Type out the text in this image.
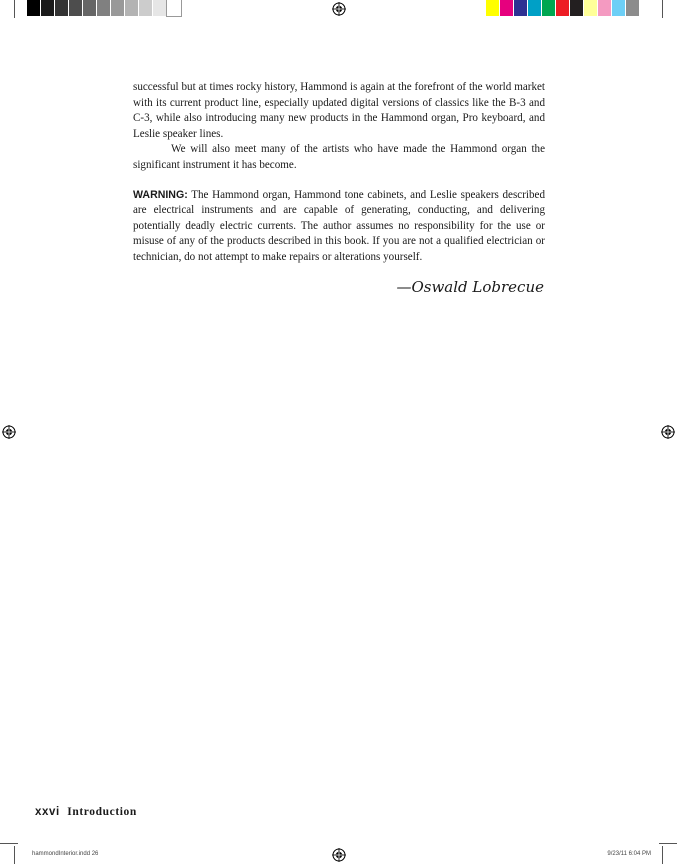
successful but at times rocky history, Hammond is again at the forefront of the world market with its current product line, especially updated digital versions of classics like the B-3 and C-3, while also introducing many new products in the Hammond organ, Pro keyboard, and Leslie speaker lines.

We will also meet many of the artists who have made the Hammond organ the significant instrument it has become.

WARNING: The Hammond organ, Hammond tone cabinets, and Leslie speakers described are electrical instruments and are capable of generating, conducting, and delivering potentially deadly electric currents. The author assumes no responsibility for the use or misuse of any of the products described in this book. If you are not a qualified electrician or technician, do not attempt to make repairs or alterations yourself.

—Oswald Lobrecue
xxvi Introduction
hammondInterior.indd 26	9/23/11 6:04 PM
